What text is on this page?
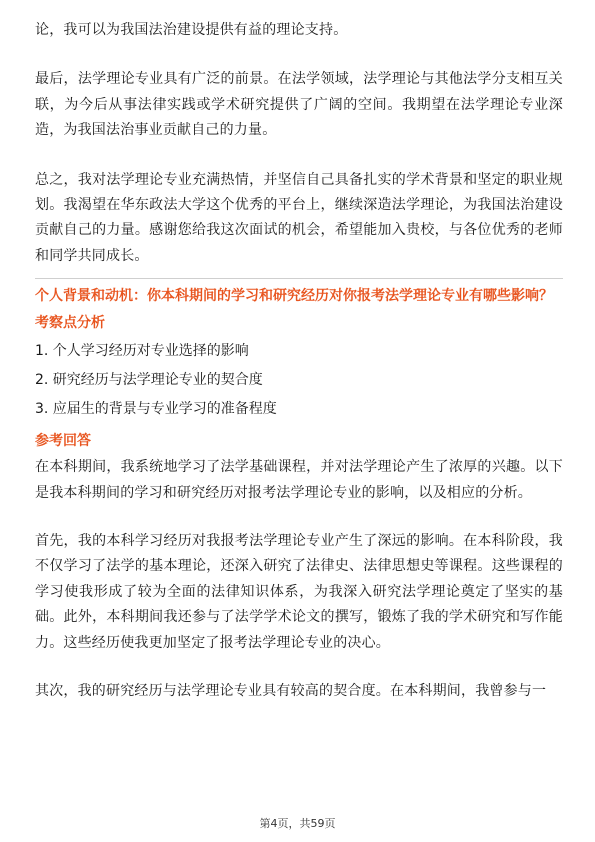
论，我可以为我国法治建设提供有益的理论支持。

最后，法学理论专业具有广泛的前景。在法学领域，法学理论与其他法学分支相互关联，为今后从事法律实践或学术研究提供了广阔的空间。我期望在法学理论专业深造，为我国法治事业贡献自己的力量。

总之，我对法学理论专业充满热情，并坚信自己具备扎实的学术背景和坚定的职业规划。我渴望在华东政法大学这个优秀的平台上，继续深造法学理论，为我国法治建设贡献自己的力量。感谢您给我这次面试的机会，希望能加入贵校，与各位优秀的老师和同学共同成长。

个人背景和动机：你本科期间的学习和研究经历对你报考法学理论专业有哪些影响？

考察点分析

1. 个人学习经历对专业选择的影响

2. 研究经历与法学理论专业的契合度

3. 应届生的背景与专业学习的准备程度

参考回答

在本科期间，我系统地学习了法学基础课程，并对法学理论产生了浓厚的兴趣。以下是我本科期间的学习和研究经历对报考法学理论专业的影响，以及相应的分析。

首先，我的本科学习经历对我报考法学理论专业产生了深远的影响。在本科阶段，我不仅学习了法学的基本理论，还深入研究了法律史、法律思想史等课程。这些课程的学习使我形成了较为全面的法律知识体系，为我深入研究法学理论奠定了坚实的基础。此外，本科期间我还参与了法学学术论文的撰写，锻炼了我的学术研究和写作能力。这些经历使我更加坚定了报考法学理论专业的决心。

其次，我的研究经历与法学理论专业具有较高的契合度。在本科期间，我曾参与一

第4页，共59页
